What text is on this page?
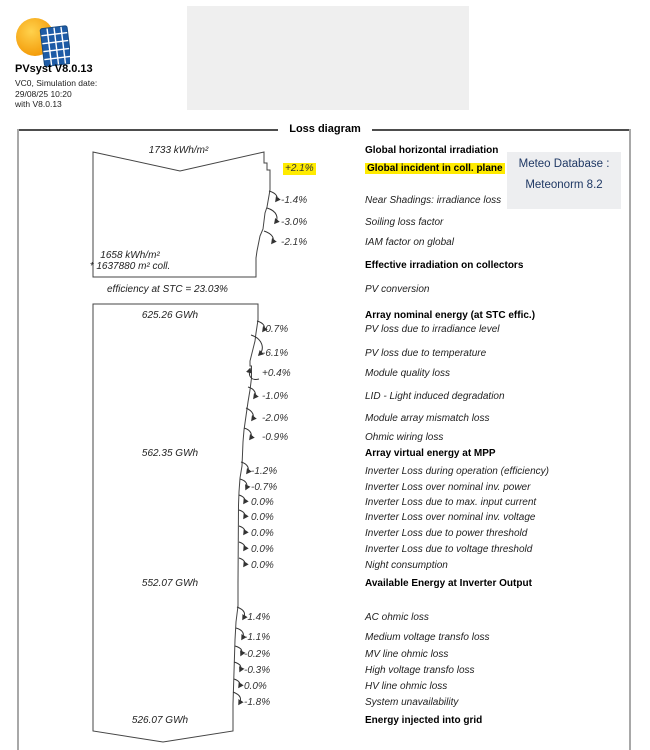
PVsyst V8.0.13
VC0, Simulation date:
29/08/25 10:20
with V8.0.13
Loss diagram
Meteo Database :
Meteonorm 8.2
1733 kWh/m²
1658 kWh/m²
* 1637880 m² coll.
efficiency at STC = 23.03%
625.26 GWh
562.35 GWh
552.07 GWh
526.07 GWh
+2.1%
-1.4%
-3.0%
-2.1%
-0.7%
-6.1%
+0.4%
-1.0%
-2.0%
-0.9%
-1.2%
-0.7%
0.0%
0.0%
0.0%
0.0%
0.0%
-1.4%
-1.1%
-0.2%
-0.3%
0.0%
-1.8%
Global horizontal irradiation
Global incident in coll. plane
Near Shadings: irradiance loss
Soiling loss factor
IAM factor on global
Effective irradiation on collectors
PV conversion
Array nominal energy (at STC effic.)
PV loss due to irradiance level
PV loss due to temperature
Module quality loss
LID - Light induced degradation
Module array mismatch loss
Ohmic wiring loss
Array virtual energy at MPP
Inverter Loss during operation (efficiency)
Inverter Loss over nominal inv. power
Inverter Loss due to max. input current
Inverter Loss over nominal inv. voltage
Inverter Loss due to power threshold
Inverter Loss due to voltage threshold
Night consumption
Available Energy at Inverter Output
AC ohmic loss
Medium voltage transfo loss
MV line ohmic loss
High voltage transfo loss
HV line ohmic loss
System unavailability
Energy injected into grid
